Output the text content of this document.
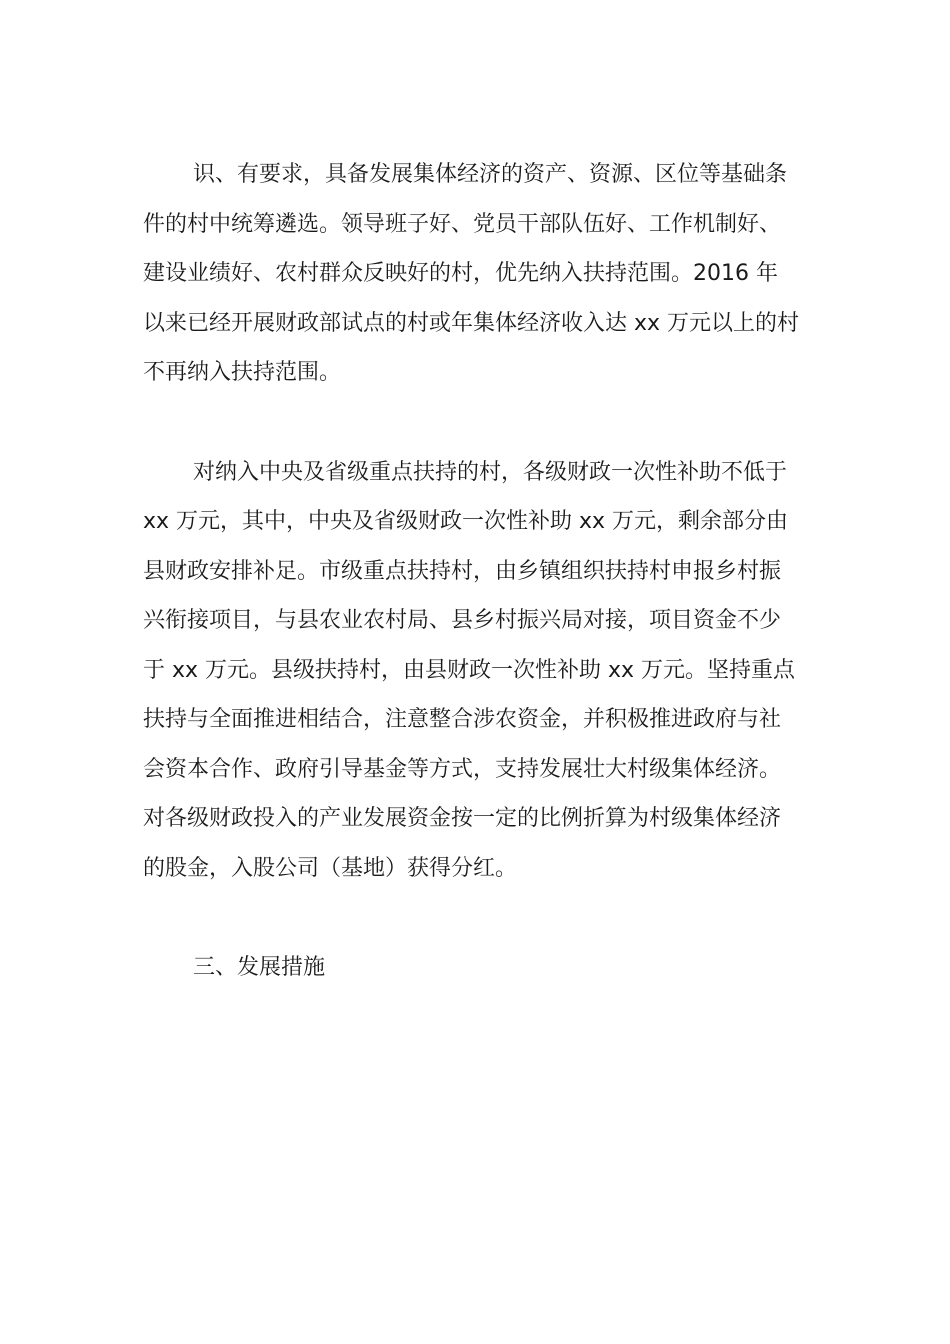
识、有要求，具备发展集体经济的资产、资源、区位等基础条
件的村中统筹遴选。领导班子好、党员干部队伍好、工作机制好、
建设业绩好、农村群众反映好的村，优先纳入扶持范围。2016 年
以来已经开展财政部试点的村或年集体经济收入达 xx 万元以上的村
不再纳入扶持范围。

对纳入中央及省级重点扶持的村，各级财政一次性补助不低于
xx 万元，其中，中央及省级财政一次性补助 xx 万元，剩余部分由
县财政安排补足。市级重点扶持村，由乡镇组织扶持村申报乡村振
兴衔接项目，与县农业农村局、县乡村振兴局对接，项目资金不少
于 xx 万元。县级扶持村，由县财政一次性补助 xx 万元。坚持重点
扶持与全面推进相结合，注意整合涉农资金，并积极推进政府与社
会资本合作、政府引导基金等方式，支持发展壮大村级集体经济。
对各级财政投入的产业发展资金按一定的比例折算为村级集体经济
的股金，入股公司（基地）获得分红。

三、发展措施
